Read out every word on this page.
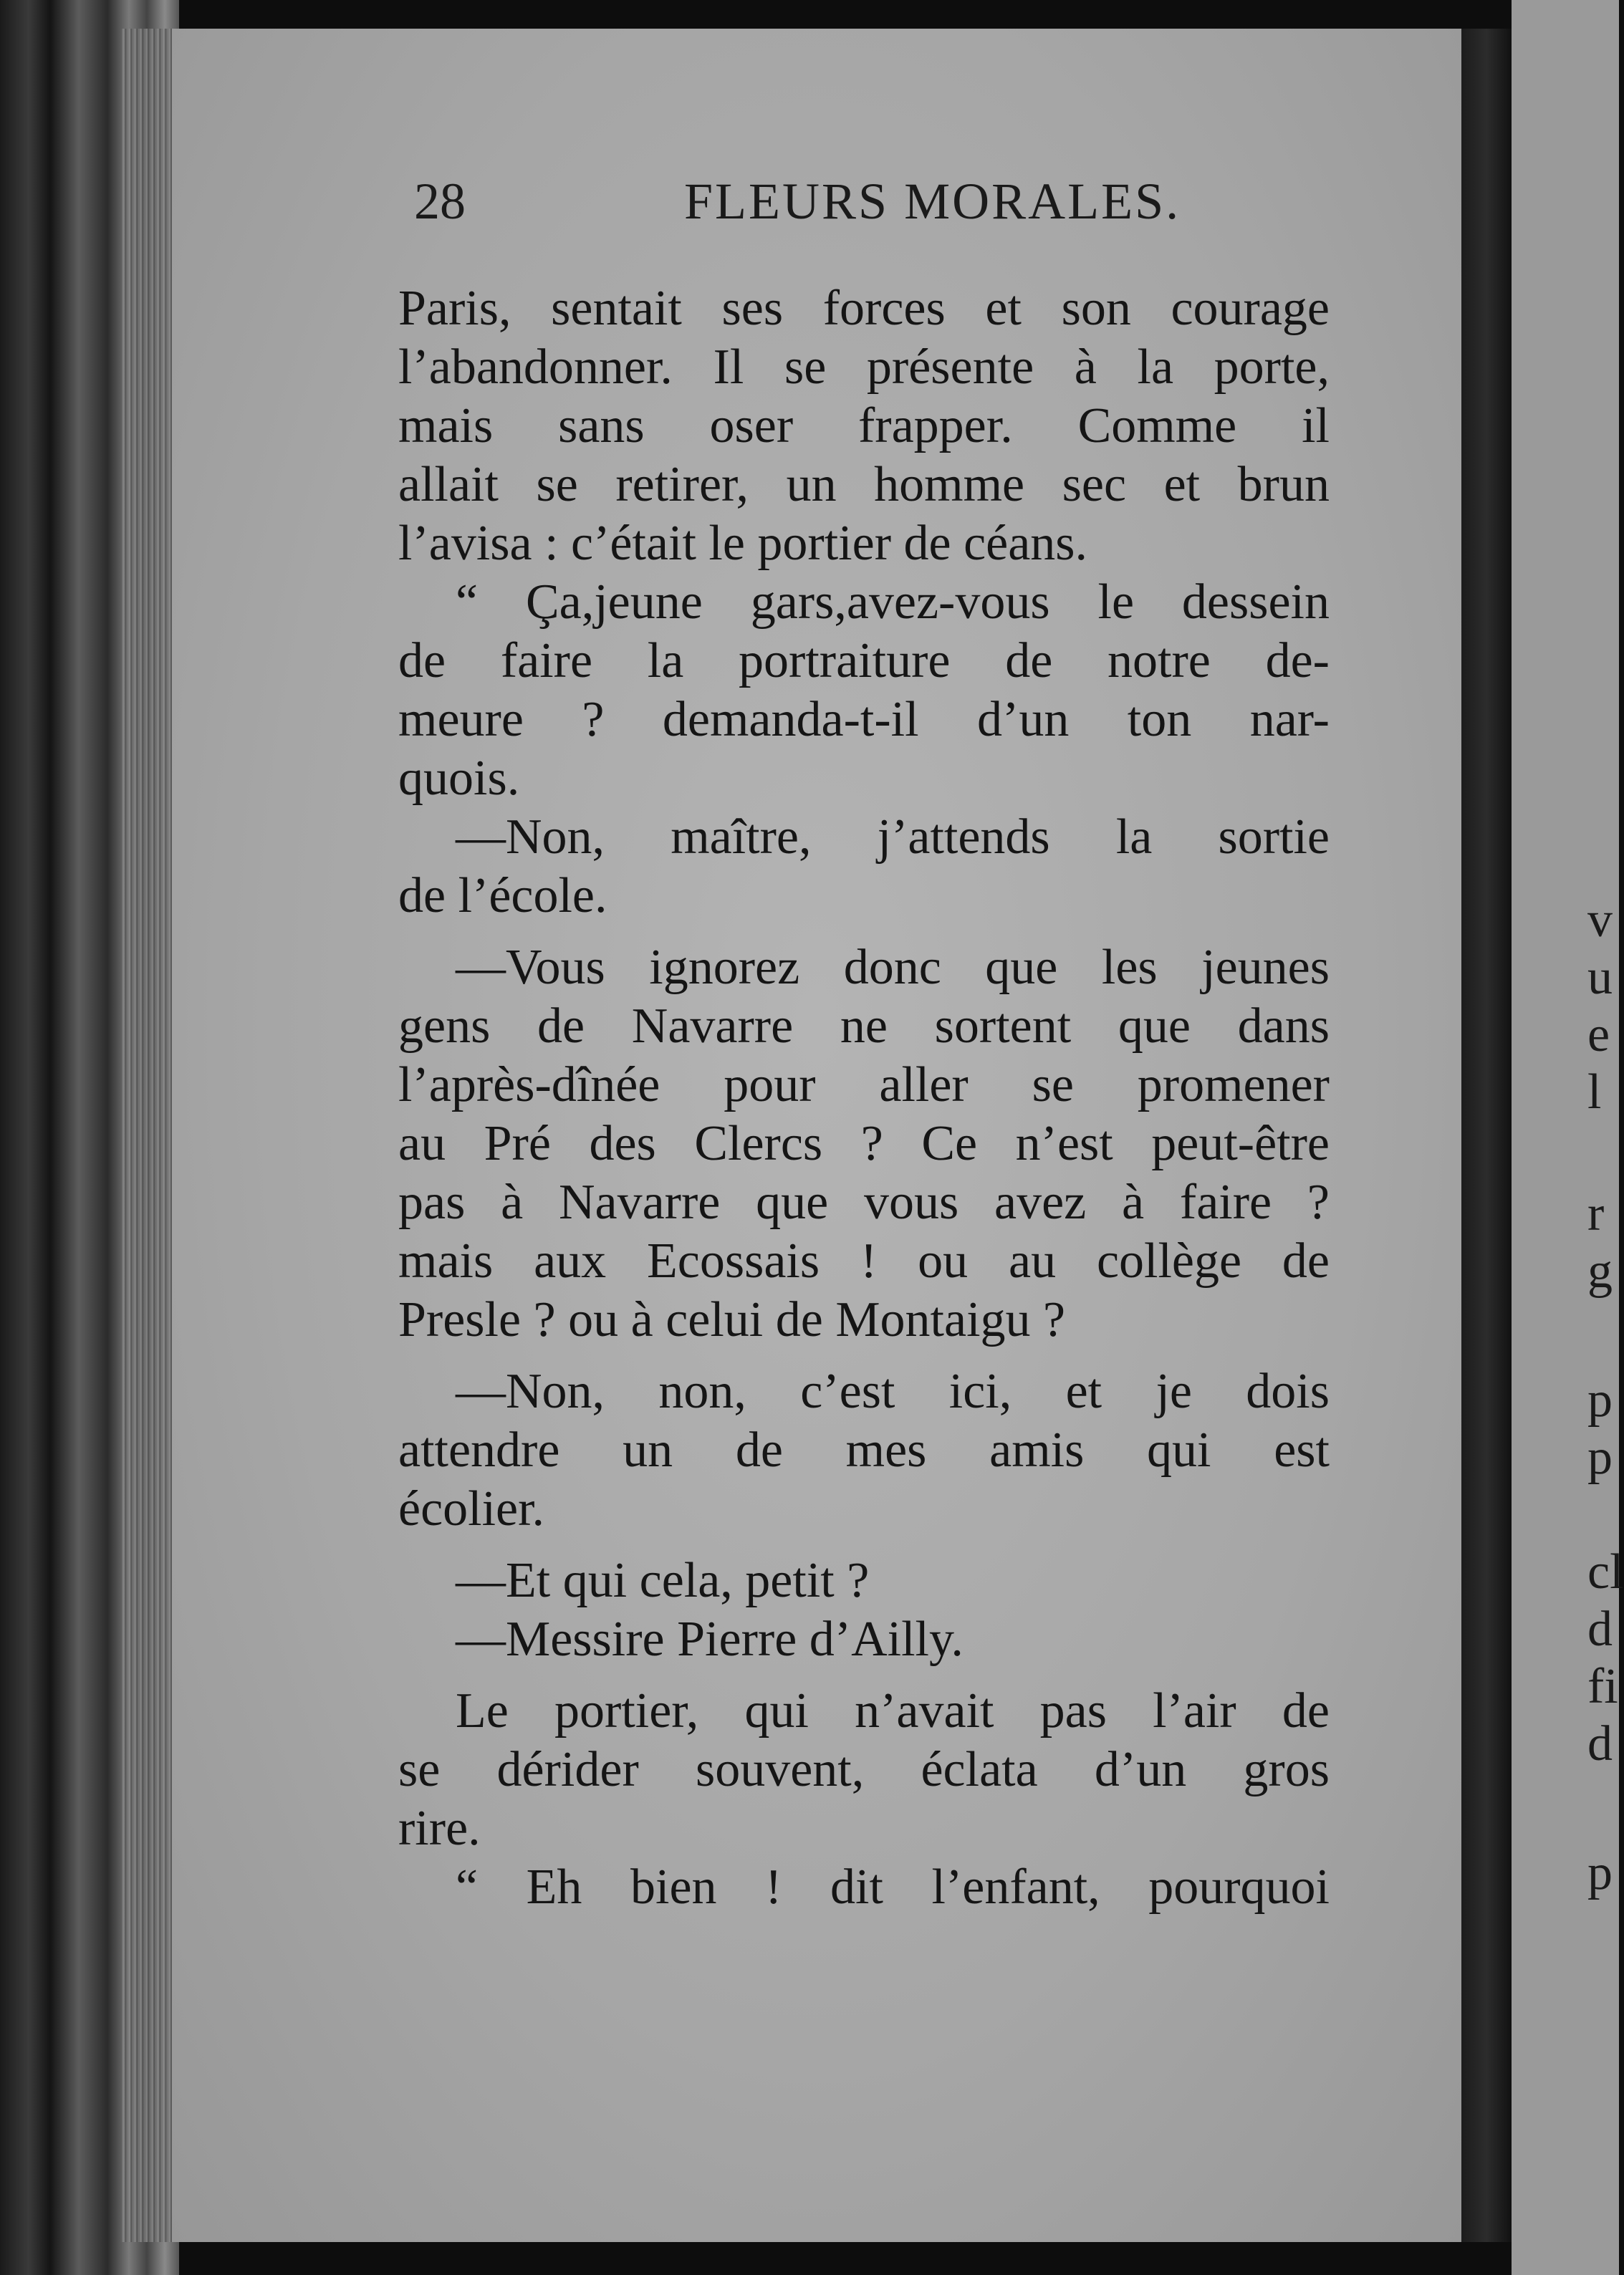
v
u
e
l
r
g
p
p
cl
d
fi
d
p
28	FLEURS MORALES.
Paris, sentait ses forces et son courage
l’abandonner. Il se présente à la porte,
mais sans oser frapper. Comme il
allait se retirer, un homme sec et brun
l’avisa : c’était le portier de céans.
“ Ça,jeune gars,avez-vous le dessein
de faire la portraiture de notre de-
meure ? demanda-t-il d’un ton nar-
quois.
—Non, maître, j’attends la sortie
de l’école.
—Vous ignorez donc que les jeunes
gens de Navarre ne sortent que dans
l’après-dînée pour aller se promener
au Pré des Clercs ? Ce n’est peut-être
pas à Navarre que vous avez à faire ?
mais aux Ecossais ! ou au collège de
Presle ? ou à celui de Montaigu ?
—Non, non, c’est ici, et je dois
attendre un de mes amis qui est
écolier.
—Et qui cela, petit ?
—Messire Pierre d’Ailly.
Le portier, qui n’avait pas l’air de
se dérider souvent, éclata d’un gros
rire.
“ Eh bien ! dit l’enfant, pourquoi
